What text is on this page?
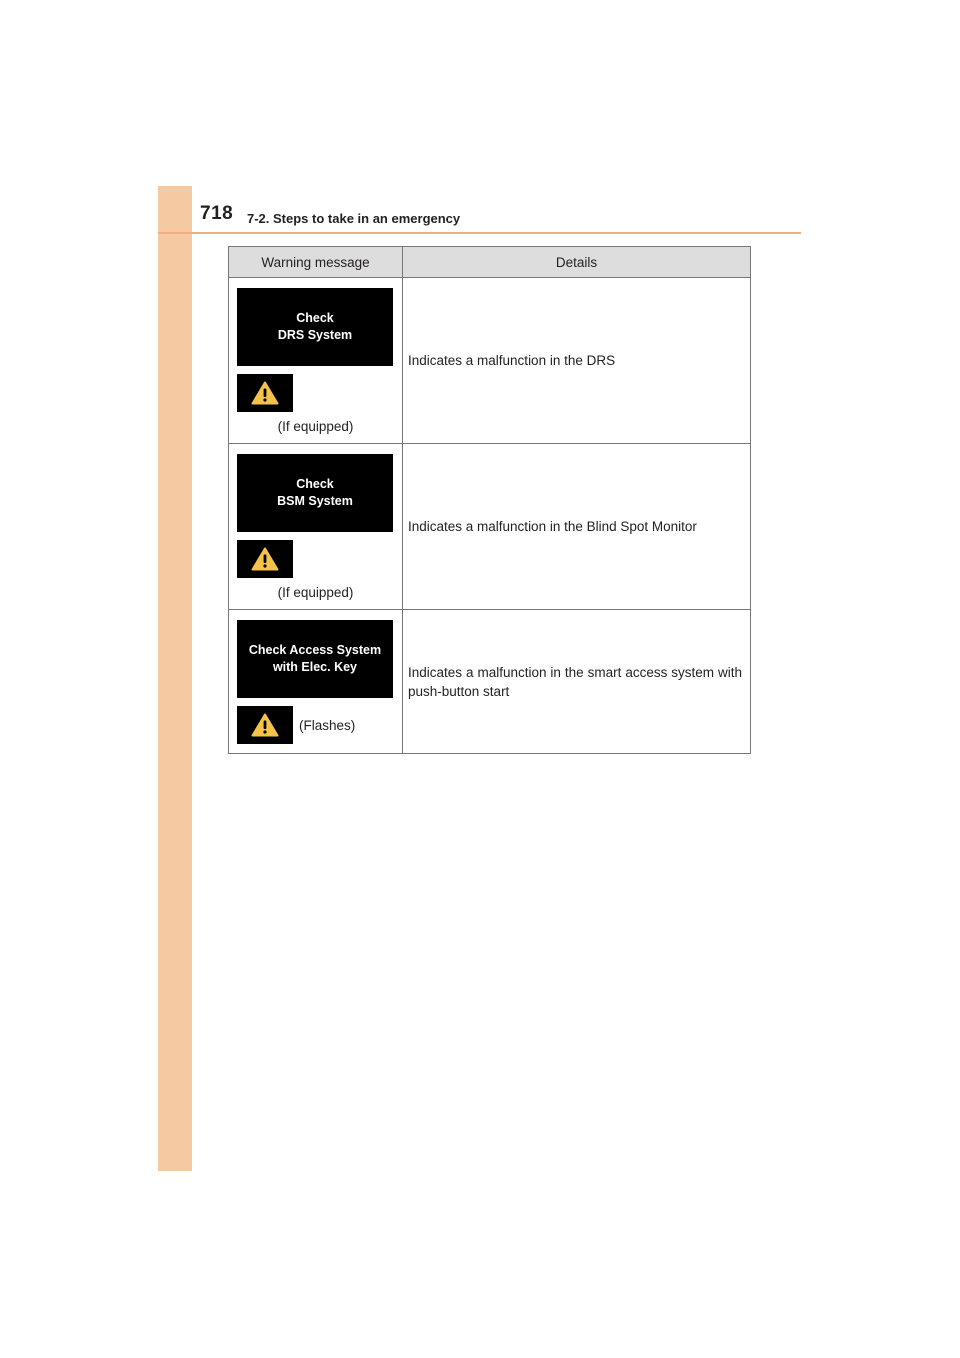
718 7-2. Steps to take in an emergency
Warning message	Details

Check
DRS System
(If equipped)	Indicates a malfunction in the DRS

Check
BSM System
(If equipped)	Indicates a malfunction in the Blind Spot Monitor

Check Access System
with Elec. Key
(Flashes)	Indicates a malfunction in the smart access system with push-button start
